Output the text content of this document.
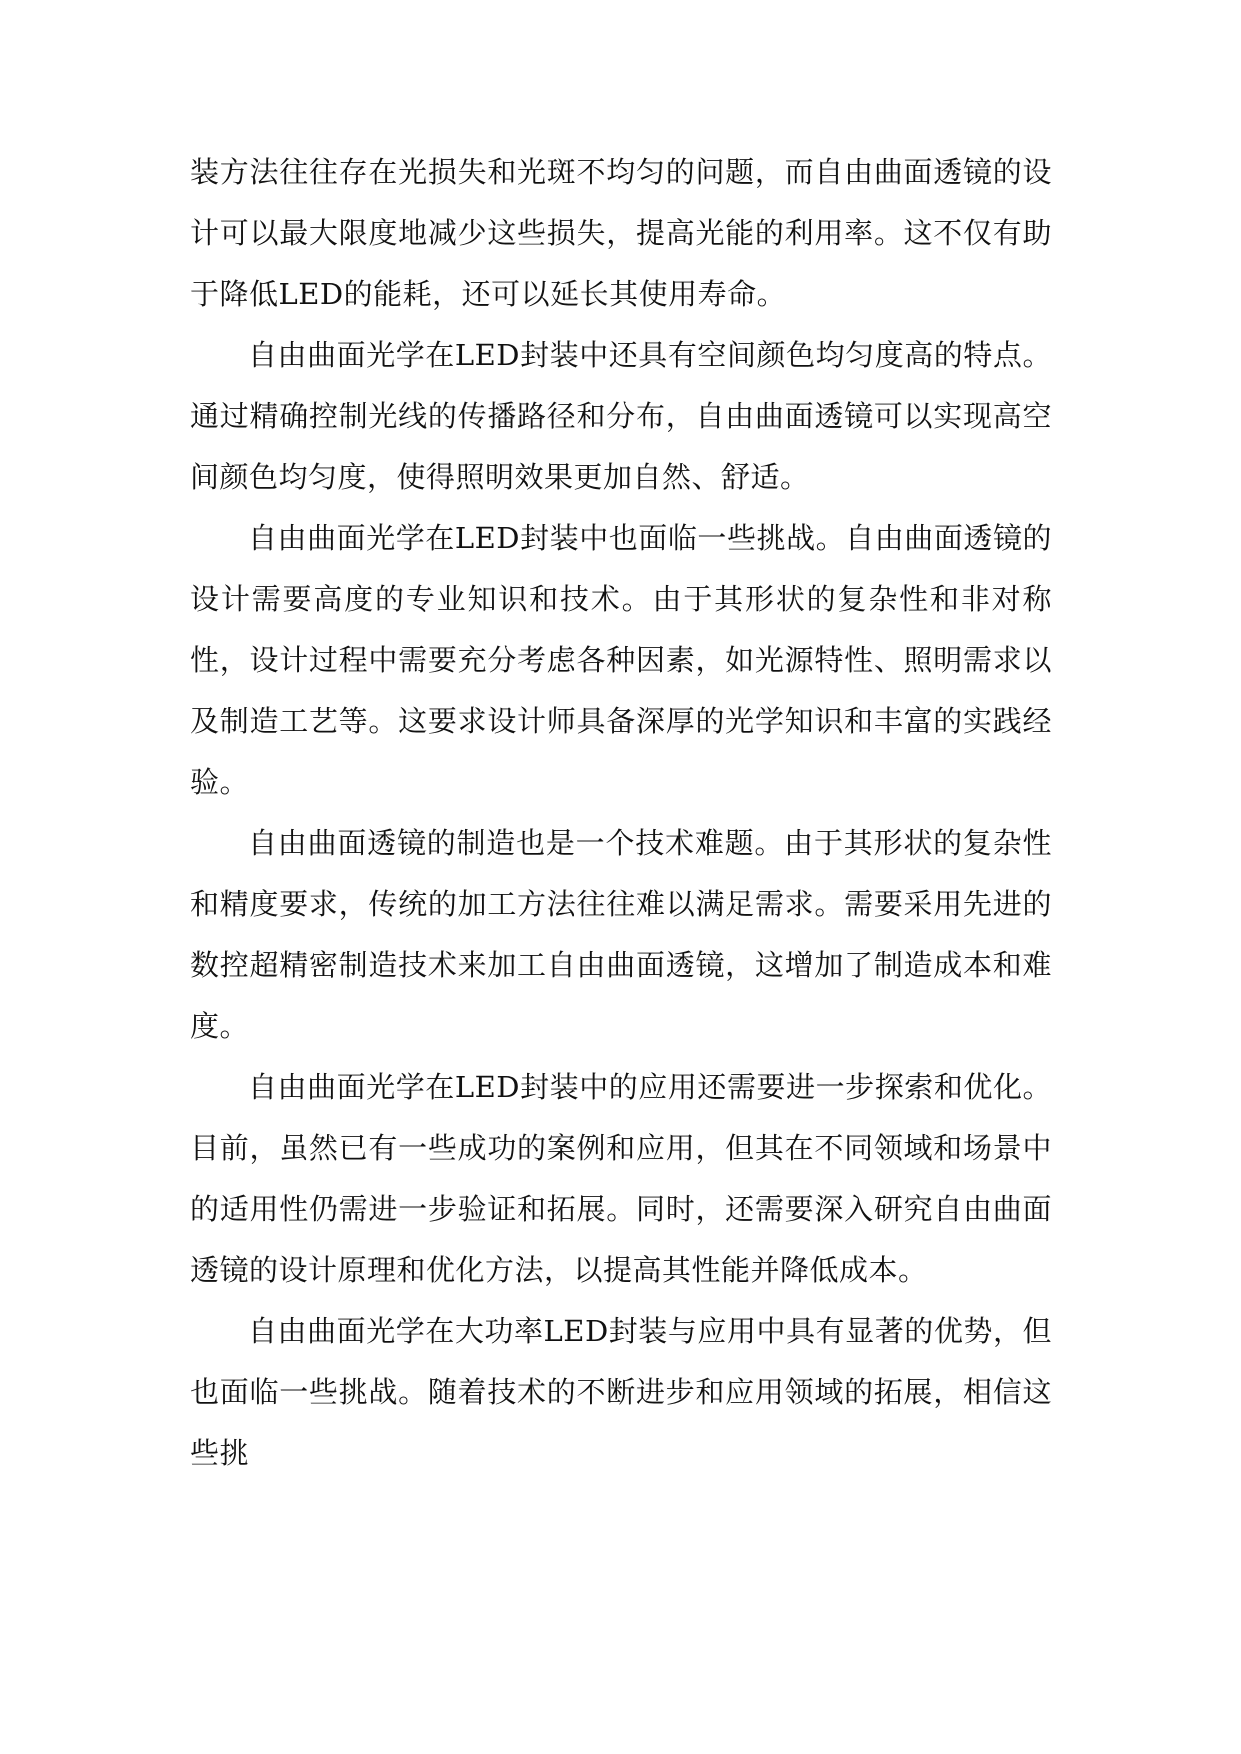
装方法往往存在光损失和光斑不均匀的问题，而自由曲面透镜的设计可以最大限度地减少这些损失，提高光能的利用率。这不仅有助于降低LED的能耗，还可以延长其使用寿命。

自由曲面光学在LED封装中还具有空间颜色均匀度高的特点。通过精确控制光线的传播路径和分布，自由曲面透镜可以实现高空间颜色均匀度，使得照明效果更加自然、舒适。

自由曲面光学在LED封装中也面临一些挑战。自由曲面透镜的设计需要高度的专业知识和技术。由于其形状的复杂性和非对称性，设计过程中需要充分考虑各种因素，如光源特性、照明需求以及制造工艺等。这要求设计师具备深厚的光学知识和丰富的实践经验。

自由曲面透镜的制造也是一个技术难题。由于其形状的复杂性和精度要求，传统的加工方法往往难以满足需求。需要采用先进的数控超精密制造技术来加工自由曲面透镜，这增加了制造成本和难度。

自由曲面光学在LED封装中的应用还需要进一步探索和优化。目前，虽然已有一些成功的案例和应用，但其在不同领域和场景中的适用性仍需进一步验证和拓展。同时，还需要深入研究自由曲面透镜的设计原理和优化方法，以提高其性能并降低成本。

自由曲面光学在大功率LED封装与应用中具有显著的优势，但也面临一些挑战。随着技术的不断进步和应用领域的拓展，相信这些挑
